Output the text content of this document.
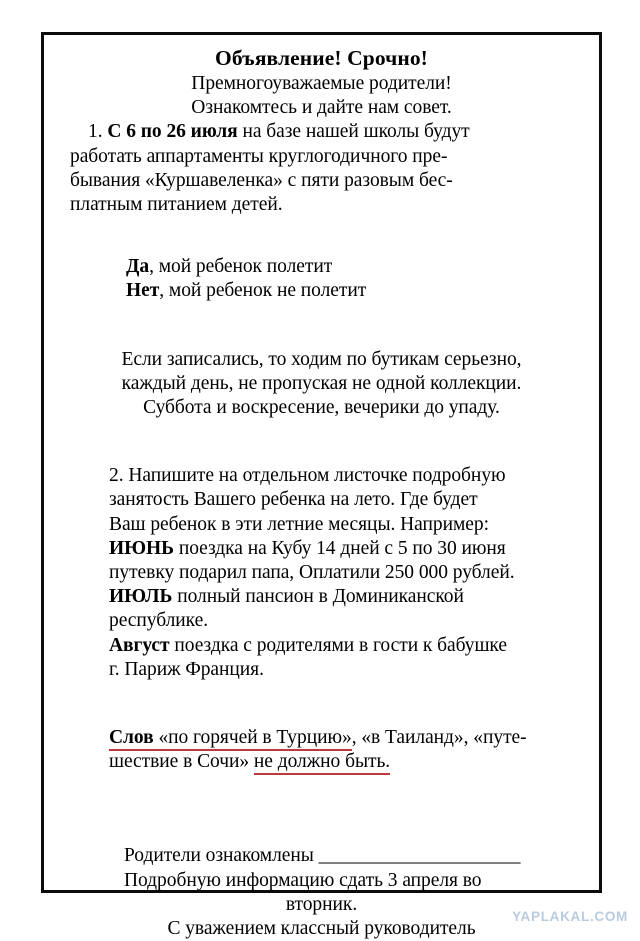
Объявление! Срочно!
Премногоуважаемые родители!
Ознакомтесь и дайте нам совет.
1. С 6 по 26 июля на базе нашей школы будут
работать аппартаменты круглогодичного пре-
бывания «Куршавеленка» с пяти разовым бес-
платным питанием детей.
Да, мой ребенок полетит
Нет, мой ребенок не полетит
Если записались, то ходим по бутикам серьезно,
каждый день, не пропуская не одной коллекции.
Суббота и воскресение, вечерики до упаду.
2. Напишите на отдельном листочке подробную
занятость Вашего ребенка на лето. Где будет
Ваш ребенок в эти летние месяцы. Например:
ИЮНЬ поездка на Кубу 14 дней с 5 по 30 июня
путевку подарил папа, Оплатили 250 000 рублей.
ИЮЛЬ полный пансион в Доминиканской
республике.
Август поездка с родителями в гости к бабушке
г. Париж Франция.
Слов «по горячей в Турцию», «в Таиланд», «путе-
шествие в Сочи» не должно быть.
Родители ознакомлены ______________________
Подробную информацию сдать 3 апреля во
вторник.
С уважением классный руководитель
YAPLAKAL.COM
